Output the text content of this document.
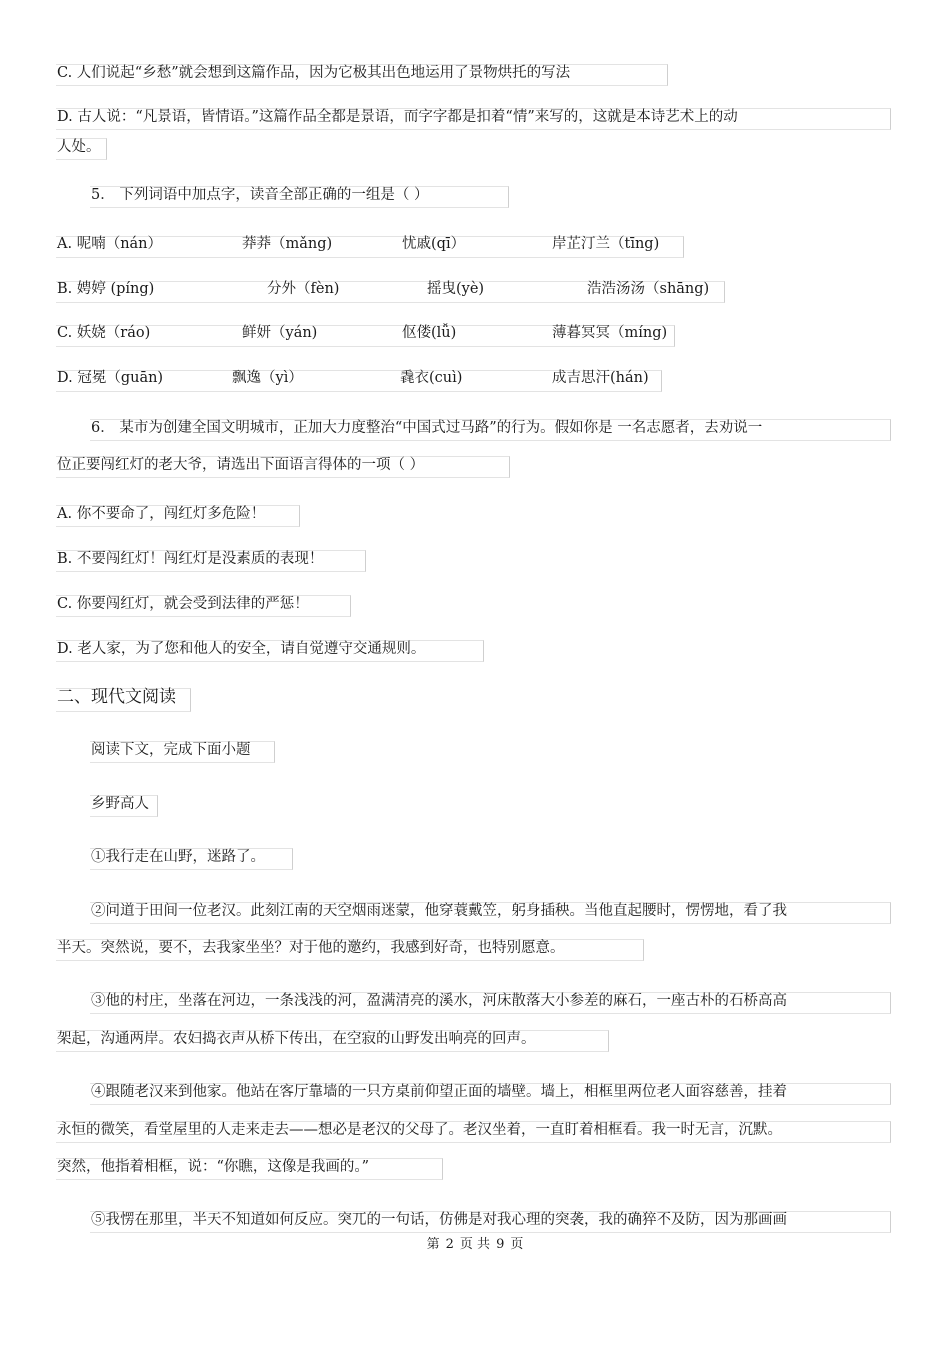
C. 人们说起“乡愁”就会想到这篇作品，因为它极其出色地运用了景物烘托的写法
D. 古人说：“凡景语，皆情语。”这篇作品全都是景语，而字字都是扣着“情”来写的，这就是本诗艺术上的动
人处。
5． 下列词语中加点字，读音全部正确的一组是（ ）
A. 呢喃（nán）	莽莽（mǎng)	忧戚(qī）	岸芷汀兰（tīng)
B. 娉婷 (píng)	分外（fèn)	摇曳(yè)	浩浩汤汤（shāng)
C. 妖娆（ráo)	鲜妍（yán)	伛偻(lǚ)	薄暮冥冥（míng)
D. 冠冕（guān)	飘逸（yì）	毳衣(cuì)	成吉思汗(hán)
6． 某市为创建全国文明城市，正加大力度整治“中国式过马路”的行为。假如你是 一名志愿者，去劝说一
位正要闯红灯的老大爷，请选出下面语言得体的一项（ ）
A. 你不要命了，闯红灯多危险！
B. 不要闯红灯！闯红灯是没素质的表现！
C. 你要闯红灯，就会受到法律的严惩！
D. 老人家，为了您和他人的安全，请自觉遵守交通规则。
二、现代文阅读
阅读下文，完成下面小题
乡野高人
①我行走在山野，迷路了。
②问道于田间一位老汉。此刻江南的天空烟雨迷蒙，他穿蓑戴笠，躬身插秧。当他直起腰时，愣愣地，看了我
半天。突然说，要不，去我家坐坐？对于他的邀约，我感到好奇，也特别愿意。
③他的村庄，坐落在河边，一条浅浅的河，盈满清亮的溪水，河床散落大小参差的麻石，一座古朴的石桥高高
架起，沟通两岸。农妇捣衣声从桥下传出，在空寂的山野发出响亮的回声。
④跟随老汉来到他家。他站在客厅靠墙的一只方桌前仰望正面的墙壁。墙上，相框里两位老人面容慈善，挂着
永恒的微笑，看堂屋里的人走来走去——想必是老汉的父母了。老汉坐着，一直盯着相框看。我一时无言，沉默。
突然，他指着相框，说：“你瞧，这像是我画的。”
⑤我愣在那里，半天不知道如何反应。突兀的一句话，仿佛是对我心理的突袭，我的确猝不及防，因为那画画
第 2 页 共 9 页
